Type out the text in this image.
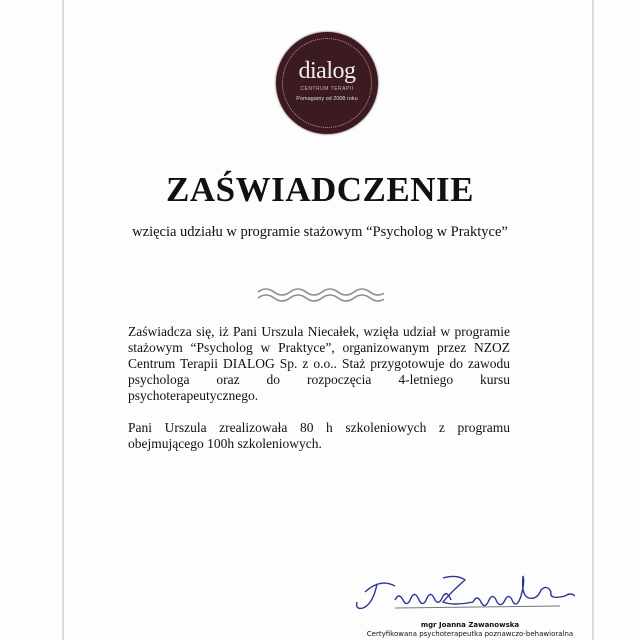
dialog
CENTRUM TERAPII
Pomagamy od 2008 roku
ZAŚWIADCZENIE
wzięcia udziału w programie stażowym “Psycholog w Praktyce”

Zaświadcza się, iż Pani Urszula Niecałek, wzięła udział w programie stażowym “Psycholog w Praktyce”, organizowanym przez NZOZ Centrum Terapii DIALOG Sp. z o.o.. Staż przygotowuje do zawodu psychologa oraz do rozpoczęcia 4-letniego kursu psychoterapeutycznego.

Pani Urszula zrealizowała 80 h szkoleniowych z programu obejmującego 100h szkoleniowych.

mgr Joanna Zawanowska
Certyfikowana psychoterapeutka poznawczo-behawioralna
